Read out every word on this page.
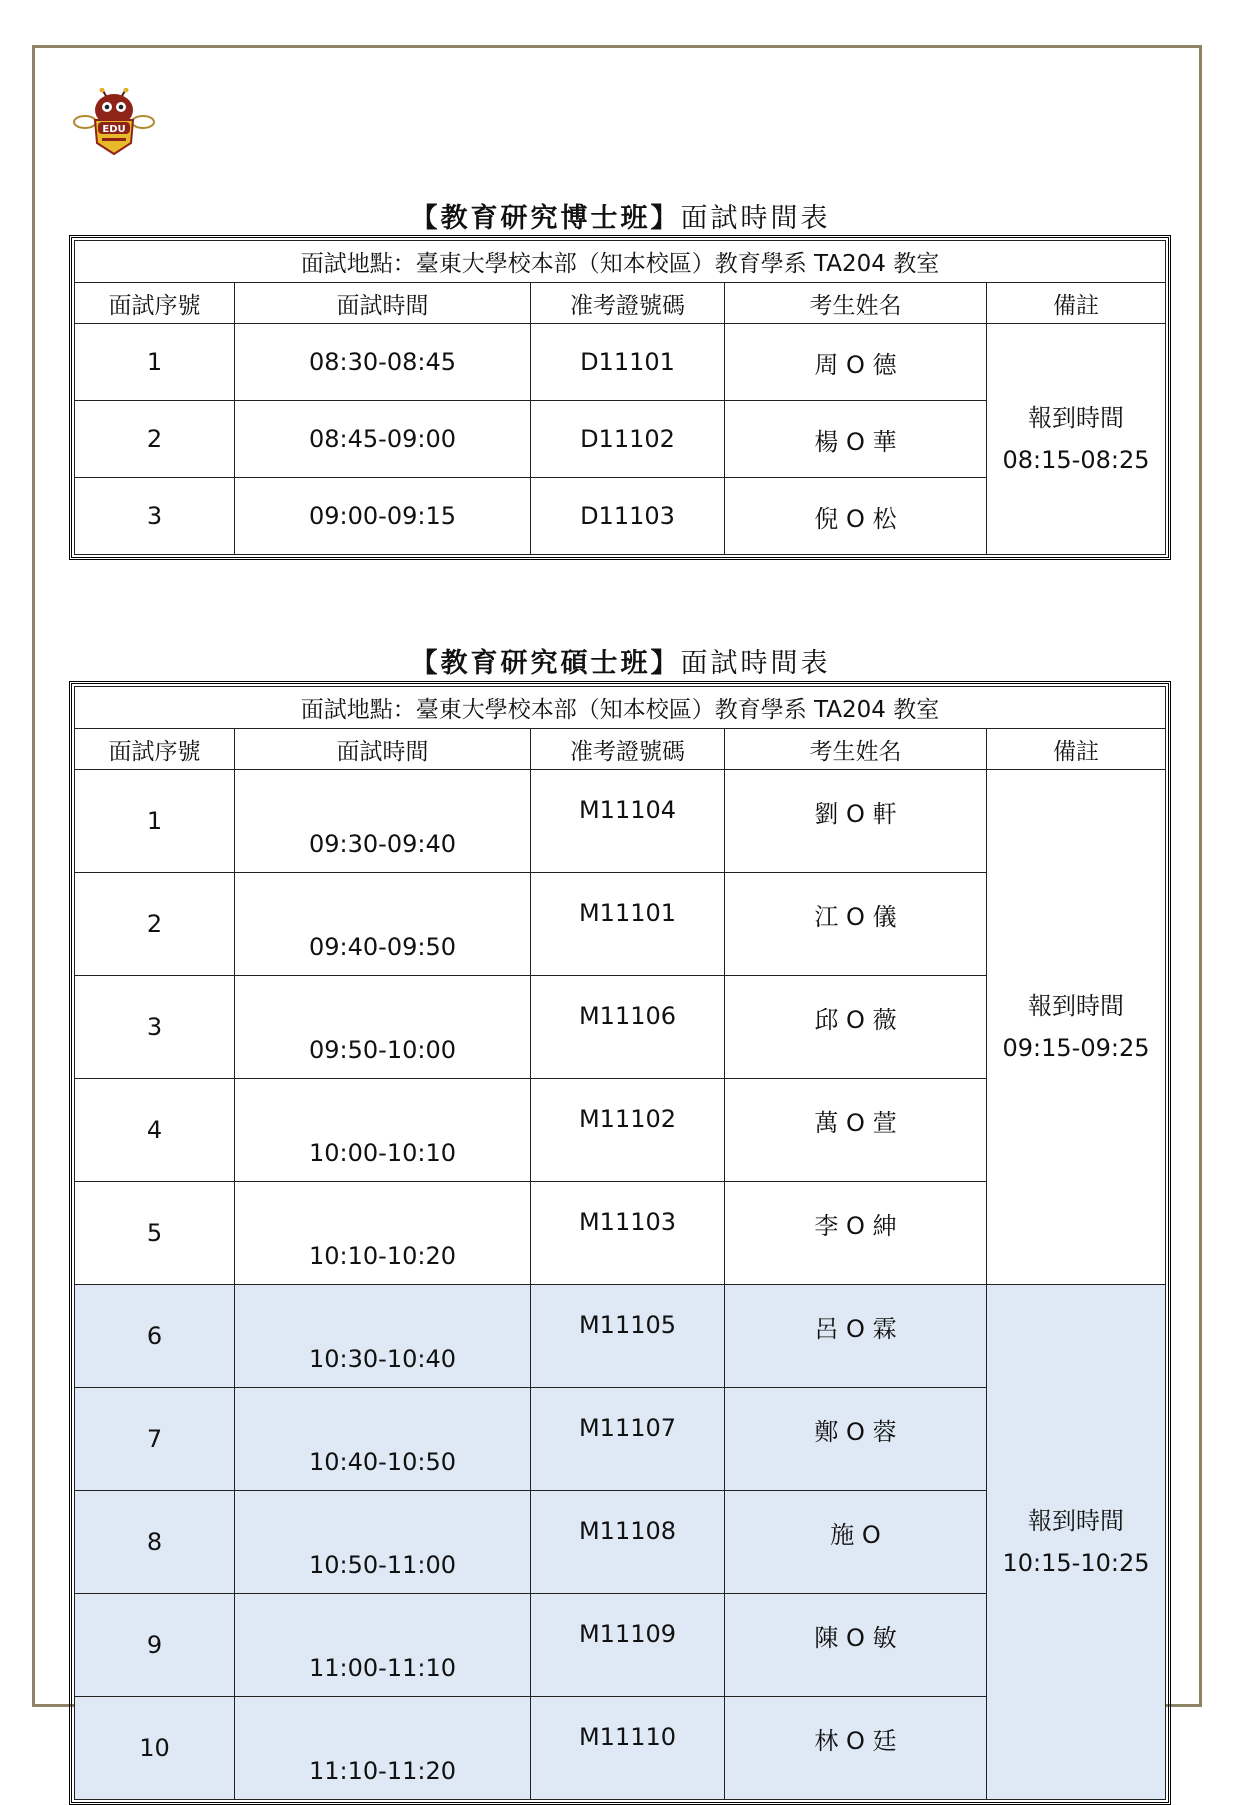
EDU
【教育研究博士班】面試時間表
面試地點：臺東大學校本部（知本校區）教育學系 TA204 教室				
面試序號	面試時間	准考證號碼	考生姓名	備註
1	08:30-08:45	D11101	周 O 德	報到時間
08:15-08:25

2	08:45-09:00	D11102	楊 O 華	
3	09:00-09:15	D11103	倪 O 松	
【教育研究碩士班】面試時間表
面試地點：臺東大學校本部（知本校區）教育學系 TA204 教室				
面試序號	面試時間	准考證號碼	考生姓名	備註
1	09:30-09:40	M11104	劉 O 軒	報到時間
09:15-09:25

2	09:40-09:50	M11101	江 O 儀	
3	09:50-10:00	M11106	邱 O 薇	
4	10:00-10:10	M11102	萬 O 萱	
5	10:10-10:20	M11103	李 O 紳	
6	10:30-10:40	M11105	呂 O 霖	報到時間
10:15-10:25

7	10:40-10:50	M11107	鄭 O 蓉	
8	10:50-11:00	M11108	施 O	
9	11:00-11:10	M11109	陳 O 敏	
10	11:10-11:20	M11110	林 O 廷	
